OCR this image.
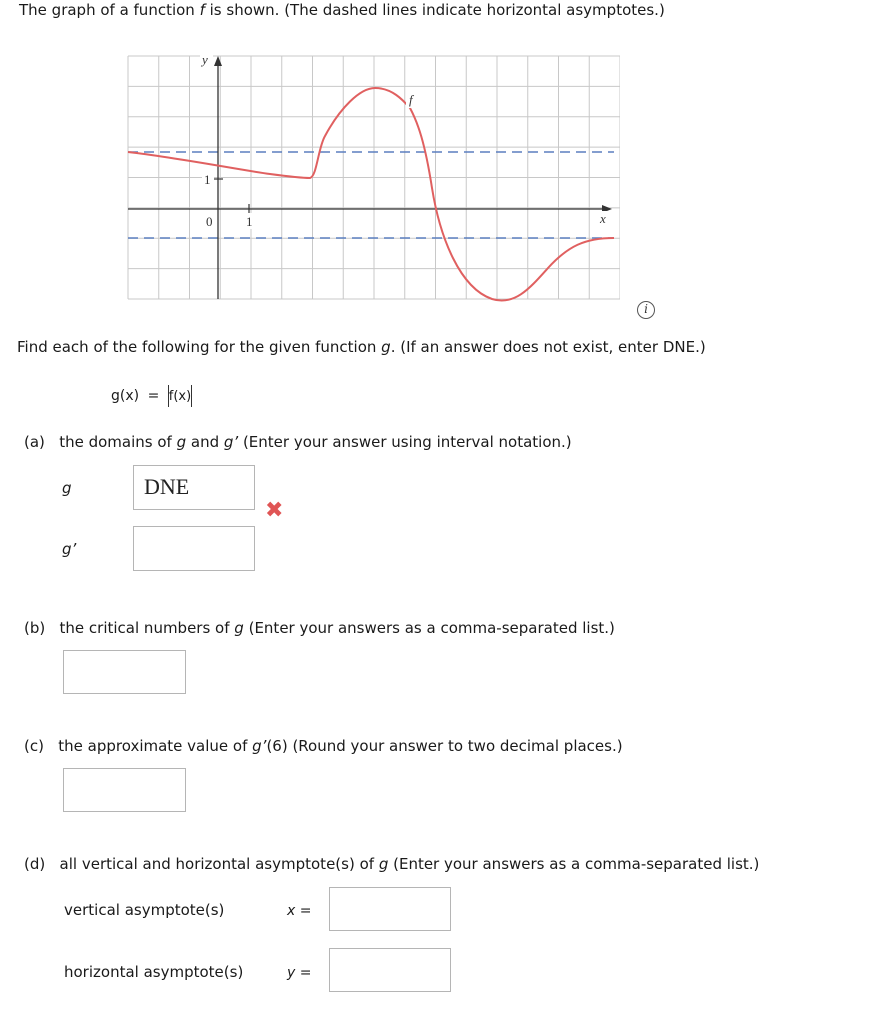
The graph of a function f is shown. (The dashed lines indicate horizontal asymptotes.)
y
x
f
1
0	1
i
Find each of the following for the given function g. (If an answer does not exist, enter DNE.)
g(x) = f(x)
(a) the domains of g and g’ (Enter your answer using interval notation.)
g	DNE
✖
g’
(b) the critical numbers of g (Enter your answers as a comma-separated list.)
(c) the approximate value of g’(6) (Round your answer to two decimal places.)
(d) all vertical and horizontal asymptote(s) of g (Enter your answers as a comma-separated list.)
vertical asymptote(s)	x =
horizontal asymptote(s)	y =
